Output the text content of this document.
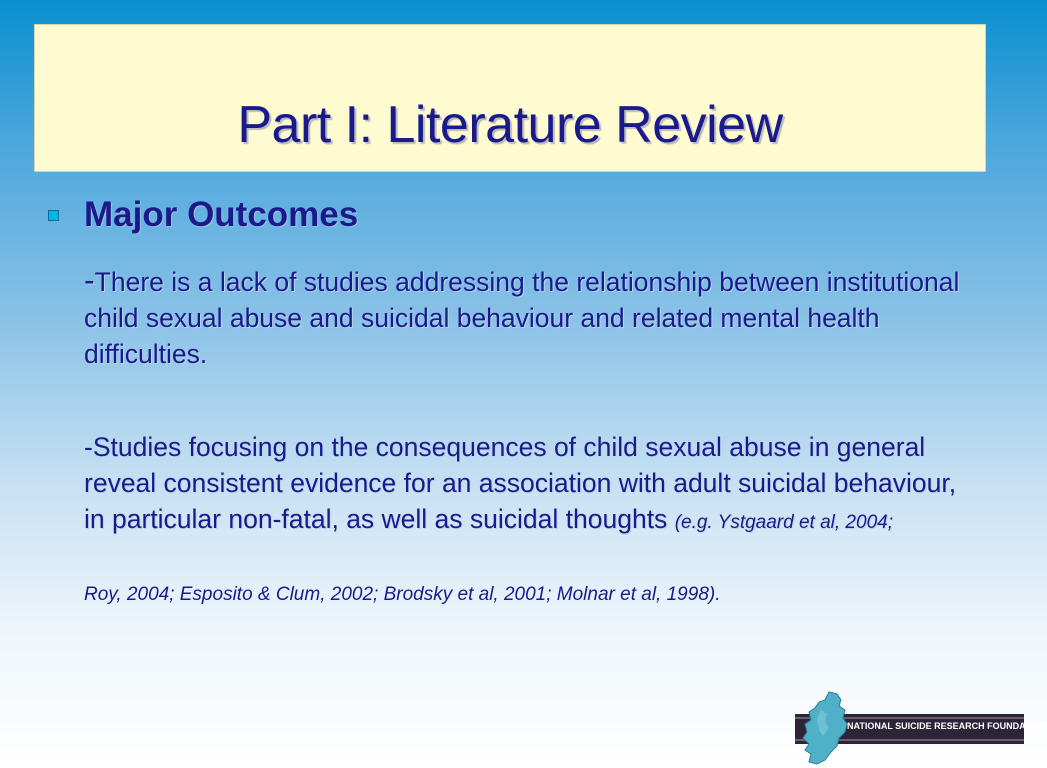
Part I: Literature Review
Major Outcomes
-There is a lack of studies addressing the relationship between institutional child sexual abuse and suicidal behaviour and related mental health difficulties.
-Studies focusing on the consequences of child sexual abuse in general reveal consistent evidence for an association with adult suicidal behaviour, in particular non-fatal, as well as suicidal thoughts (e.g. Ystgaard et al, 2004;
Roy, 2004; Esposito & Clum, 2002; Brodsky et al, 2001; Molnar et al, 1998).
NATIONAL SUICIDE RESEARCH FOUNDATION
